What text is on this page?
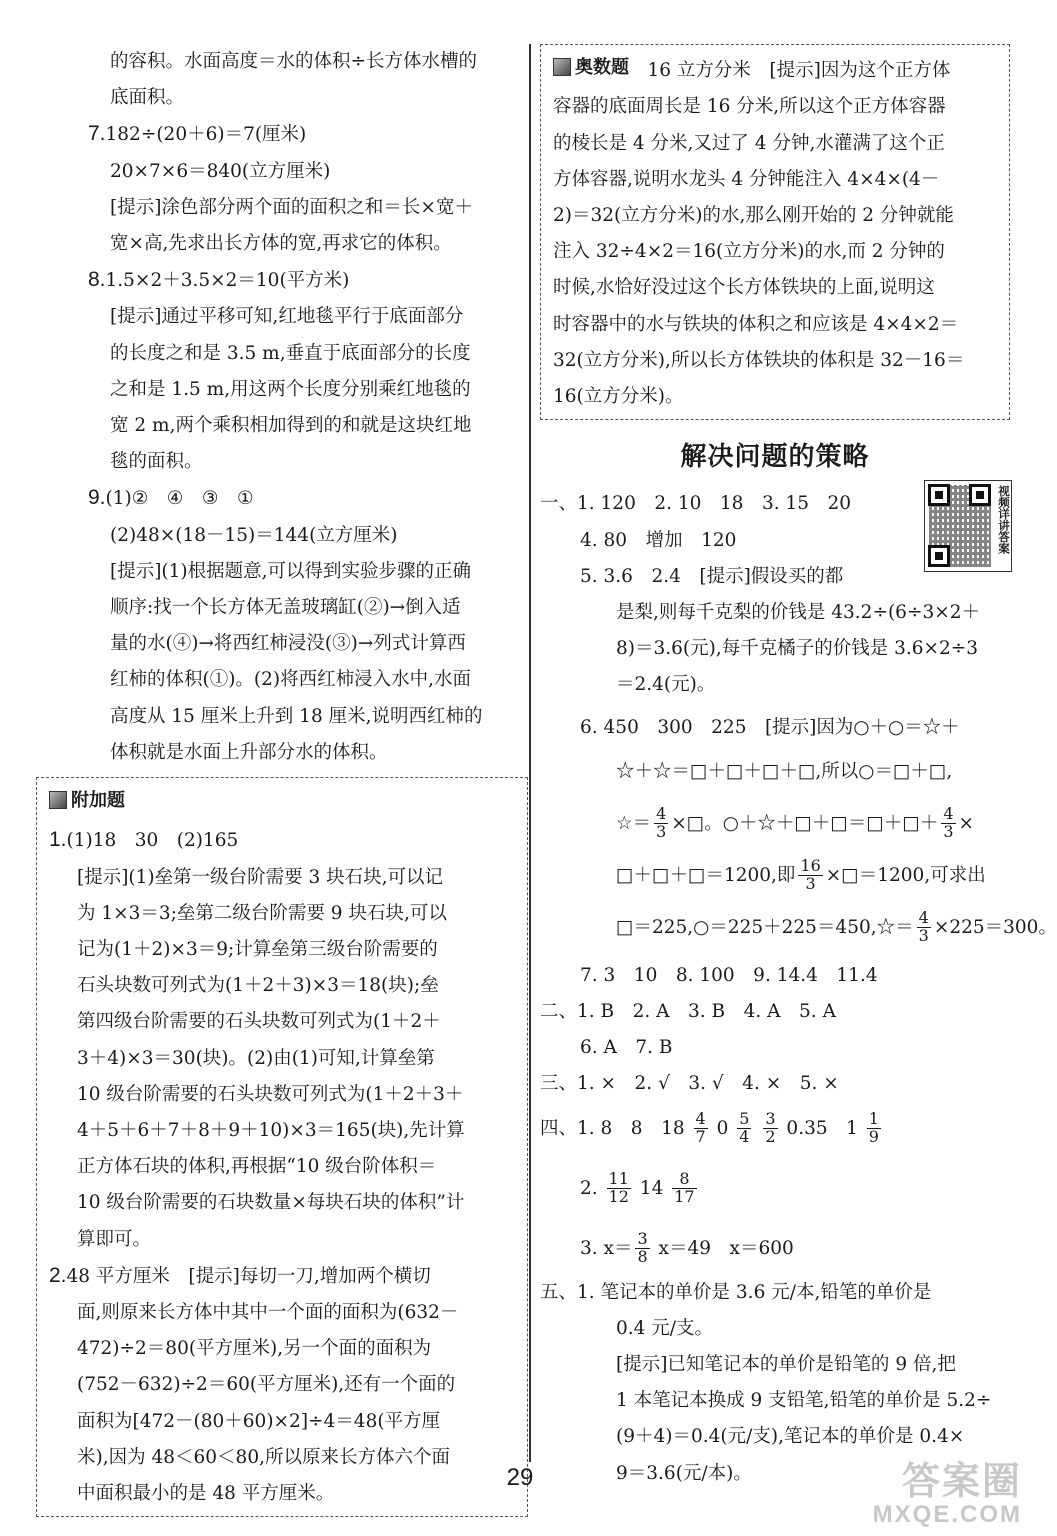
的容积。水面高度＝水的体积÷长方体水槽的
底面积。
7.182÷(20＋6)＝7(厘米)
20×7×6＝840(立方厘米)
[提示]涂色部分两个面的面积之和＝长×宽＋
宽×高,先求出长方体的宽,再求它的体积。
8.1.5×2＋3.5×2＝10(平方米)
[提示]通过平移可知,红地毯平行于底面部分
的长度之和是 3.5 m,垂直于底面部分的长度
之和是 1.5 m,用这两个长度分别乘红地毯的
宽 2 m,两个乘积相加得到的和就是这块红地
毯的面积。
9.(1)②　④　③　①
(2)48×(18－15)＝144(立方厘米)
[提示](1)根据题意,可以得到实验步骤的正确
顺序:找一个长方体无盖玻璃缸(②)→倒入适
量的水(④)→将西红柿浸没(③)→列式计算西
红柿的体积(①)。(2)将西红柿浸入水中,水面
高度从 15 厘米上升到 18 厘米,说明西红柿的
体积就是水面上升部分水的体积。
附加题
1.(1)18　30　(2)165
[提示](1)垒第一级台阶需要 3 块石块,可以记
为 1×3＝3;垒第二级台阶需要 9 块石块,可以
记为(1＋2)×3＝9;计算垒第三级台阶需要的
石头块数可列式为(1＋2＋3)×3＝18(块);垒
第四级台阶需要的石头块数可列式为(1＋2＋
3＋4)×3＝30(块)。(2)由(1)可知,计算垒第
10 级台阶需要的石头块数可列式为(1＋2＋3＋
4＋5＋6＋7＋8＋9＋10)×3＝165(块),先计算
正方体石块的体积,再根据“10 级台阶体积＝
10 级台阶需要的石块数量×每块石块的体积”计
算即可。
2.48 平方厘米　[提示]每切一刀,增加两个横切
面,则原来长方体中其中一个面的面积为(632－
472)÷2＝80(平方厘米),另一个面的面积为
(752－632)÷2＝60(平方厘米),还有一个面的
面积为[472－(80＋60)×2]÷4＝48(平方厘
米),因为 48＜60＜80,所以原来长方体六个面
中面积最小的是 48 平方厘米。
奥数题 　16 立方分米　[提示]因为这个正方体
容器的底面周长是 16 分米,所以这个正方体容器
的棱长是 4 分米,又过了 4 分钟,水灌满了这个正
方体容器,说明水龙头 4 分钟能注入 4×4×(4－
2)＝32(立方分米)的水,那么刚开始的 2 分钟就能
注入 32÷4×2＝16(立方分米)的水,而 2 分钟的
时候,水恰好没过这个长方体铁块的上面,说明这
时容器中的水与铁块的体积之和应该是 4×4×2＝
32(立方分米),所以长方体铁块的体积是 32－16＝
16(立方分米)。
解决问题的策略
一、1. 120　2. 10　18　3. 15　20
4. 80　增加　120
5. 3.6　2.4　[提示]假设买的都
是梨,则每千克梨的价钱是 43.2÷(6÷3×2＋
8)＝3.6(元),每千克橘子的价钱是 3.6×2÷3
＝2.4(元)。
6. 450　300　225　[提示]因为○＋○＝☆＋
☆＋☆＝□＋□＋□＋□,所以○＝□＋□,
☆＝ $\frac{4}{3}$ ×□。○＋☆＋□＋□＝□＋□＋ $\frac{4}{3}$ ×
□＋□＋□＝1200,即 $\frac{16}{3}$ ×□＝1200,可求出
□＝225,○＝225＋225＝450,☆＝ $\frac{4}{3} \times 225=300$。
7. 3　10　8. 100　9. 14.4　11.4
二、1. B　2. A　3. B　4. A　5. A
6. A　7. B
三、1. ×　2. √　3. √　4. ×　5. ×
四、1. 8　8　$18 \frac{4}{7} 0 \frac{5}{4}$
$\frac{3}{2} 0.35$　$1 \frac{1}{9}$
2. $\frac{11}{12} 14 \frac{8}{17}$
3. $x= \frac{3}{8} x=49$　x＝600
五、1. 笔记本的单价是 3.6 元/本,铅笔的单价是
0.4 元/支。
[提示]已知笔记本的单价是铅笔的 9 倍,把
1 本笔记本换成 9 支铅笔,铅笔的单价是 5.2÷
(9＋4)＝0.4(元/支),笔记本的单价是 0.4×
9＝3.6(元/本)。
视频详讲答案
29	答案圈
MXQE.COM
